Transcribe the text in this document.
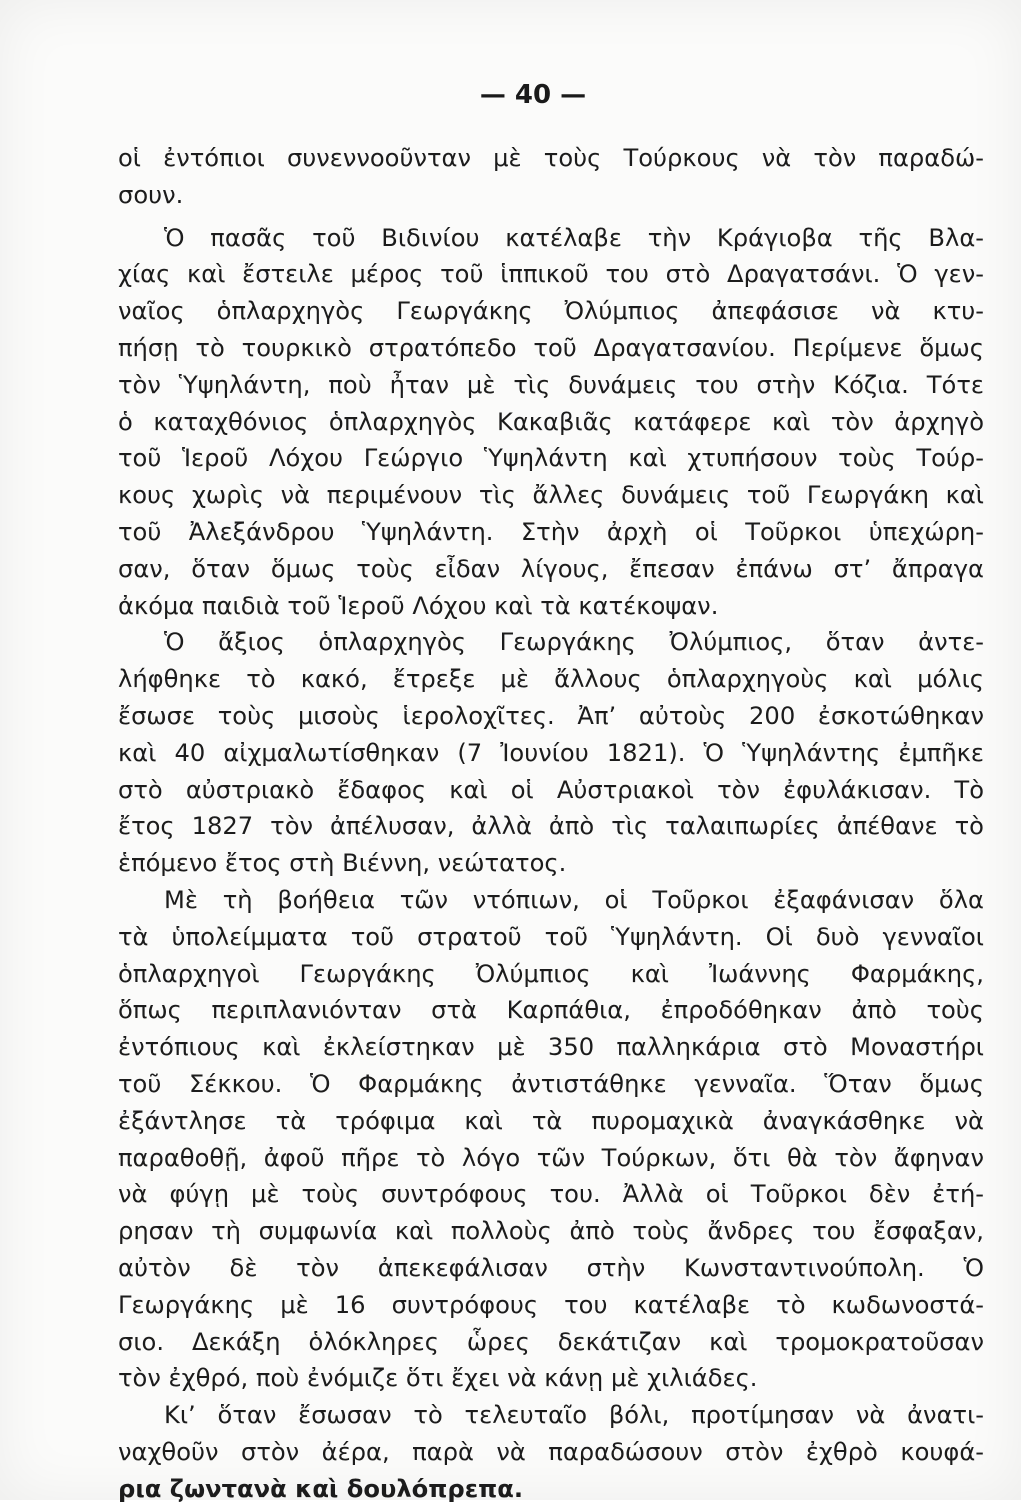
— 40 —

οἱ ἐντόπιοι συνεννοοῦνταν μὲ τοὺς Τούρκους νὰ τὸν παραδώ-
σουν.

Ὁ πασᾶς τοῦ Βιδινίου κατέλαβε τὴν Κράγιοβα τῆς Βλα-
χίας καὶ ἔστειλε μέρος τοῦ ἱππικοῦ του στὸ Δραγατσάνι. Ὁ γεν-
ναῖος ὁπλαρχηγὸς Γεωργάκης Ὀλύμπιος ἀπεφάσισε νὰ κτυ-
πήσῃ τὸ τουρκικὸ στρατόπεδο τοῦ Δραγατσανίου. Περίμενε ὅμως
τὸν Ὑψηλάντη, ποὺ ἦταν μὲ τὶς δυνάμεις του στὴν Κόζια. Τότε
ὁ καταχθόνιος ὁπλαρχηγὸς Κακαβιᾶς κατάφερε καὶ τὸν ἀρχηγὸ
τοῦ Ἱεροῦ Λόχου Γεώργιο Ὑψηλάντη καὶ χτυπήσουν τοὺς Τούρ-
κους χωρὶς νὰ περιμένουν τὶς ἄλλες δυνάμεις τοῦ Γεωργάκη καὶ
τοῦ Ἀλεξάνδρου Ὑψηλάντη. Στὴν ἀρχὴ οἱ Τοῦρκοι ὑπεχώρη-
σαν, ὅταν ὅμως τοὺς εἶδαν λίγους, ἔπεσαν ἐπάνω στ’ ἄπραγα
ἀκόμα παιδιὰ τοῦ Ἱεροῦ Λόχου καὶ τὰ κατέκοψαν.

Ὁ ἄξιος ὁπλαρχηγὸς Γεωργάκης Ὀλύμπιος, ὅταν ἀντε-
λήφθηκε τὸ κακό, ἔτρεξε μὲ ἄλλους ὁπλαρχηγοὺς καὶ μόλις
ἔσωσε τοὺς μισοὺς ἱερολοχῖτες. Ἀπ’ αὐτοὺς 200 ἐσκοτώθηκαν
καὶ 40 αἰχμαλωτίσθηκαν (7 Ἰουνίου 1821). Ὁ Ὑψηλάντης ἐμπῆκε
στὸ αὐστριακὸ ἔδαφος καὶ οἱ Αὐστριακοὶ τὸν ἐφυλάκισαν. Τὸ
ἔτος 1827 τὸν ἀπέλυσαν, ἀλλὰ ἀπὸ τὶς ταλαιπωρίες ἀπέθανε τὸ
ἑπόμενο ἔτος στὴ Βιέννη, νεώτατος.

Μὲ τὴ βοήθεια τῶν ντόπιων, οἱ Τοῦρκοι ἐξαφάνισαν ὅλα
τὰ ὑπολείμματα τοῦ στρατοῦ τοῦ Ὑψηλάντη. Οἱ δυὸ γενναῖοι
ὁπλαρχηγοὶ Γεωργάκης Ὀλύμπιος καὶ Ἰωάννης Φαρμάκης,
ὅπως περιπλανιόνταν στὰ Καρπάθια, ἐπροδόθηκαν ἀπὸ τοὺς
ἐντόπιους καὶ ἐκλείστηκαν μὲ 350 παλληκάρια στὸ Μοναστήρι
τοῦ Σέκκου. Ὁ Φαρμάκης ἀντιστάθηκε γενναῖα. Ὅταν ὅμως
ἐξάντλησε τὰ τρόφιμα καὶ τὰ πυρομαχικὰ ἀναγκάσθηκε νὰ
παραθοθῇ, ἀφοῦ πῆρε τὸ λόγο τῶν Τούρκων, ὅτι θὰ τὸν ἄφηναν
νὰ φύγῃ μὲ τοὺς συντρόφους του. Ἀλλὰ οἱ Τοῦρκοι δὲν ἐτή-
ρησαν τὴ συμφωνία καὶ πολλοὺς ἀπὸ τοὺς ἄνδρες του ἔσφαξαν,
αὐτὸν δὲ τὸν ἀπεκεφάλισαν στὴν Κωνσταντινούπολη. Ὁ
Γεωργάκης μὲ 16 συντρόφους του κατέλαβε τὸ κωδωνοστά-
σιο. Δεκάξη ὁλόκληρες ὧρες δεκάτιζαν καὶ τρομοκρατοῦσαν
τὸν ἐχθρό, ποὺ ἐνόμιζε ὅτι ἔχει νὰ κάνῃ μὲ χιλιάδες.

Κι’ ὅταν ἔσωσαν τὸ τελευταῖο βόλι, προτίμησαν νὰ ἀνατι-
ναχθοῦν στὸν ἀέρα, παρὰ νὰ παραδώσουν στὸν ἐχθρὸ κουφά-
ρια ζωντανὰ καὶ δουλόπρεπα.
